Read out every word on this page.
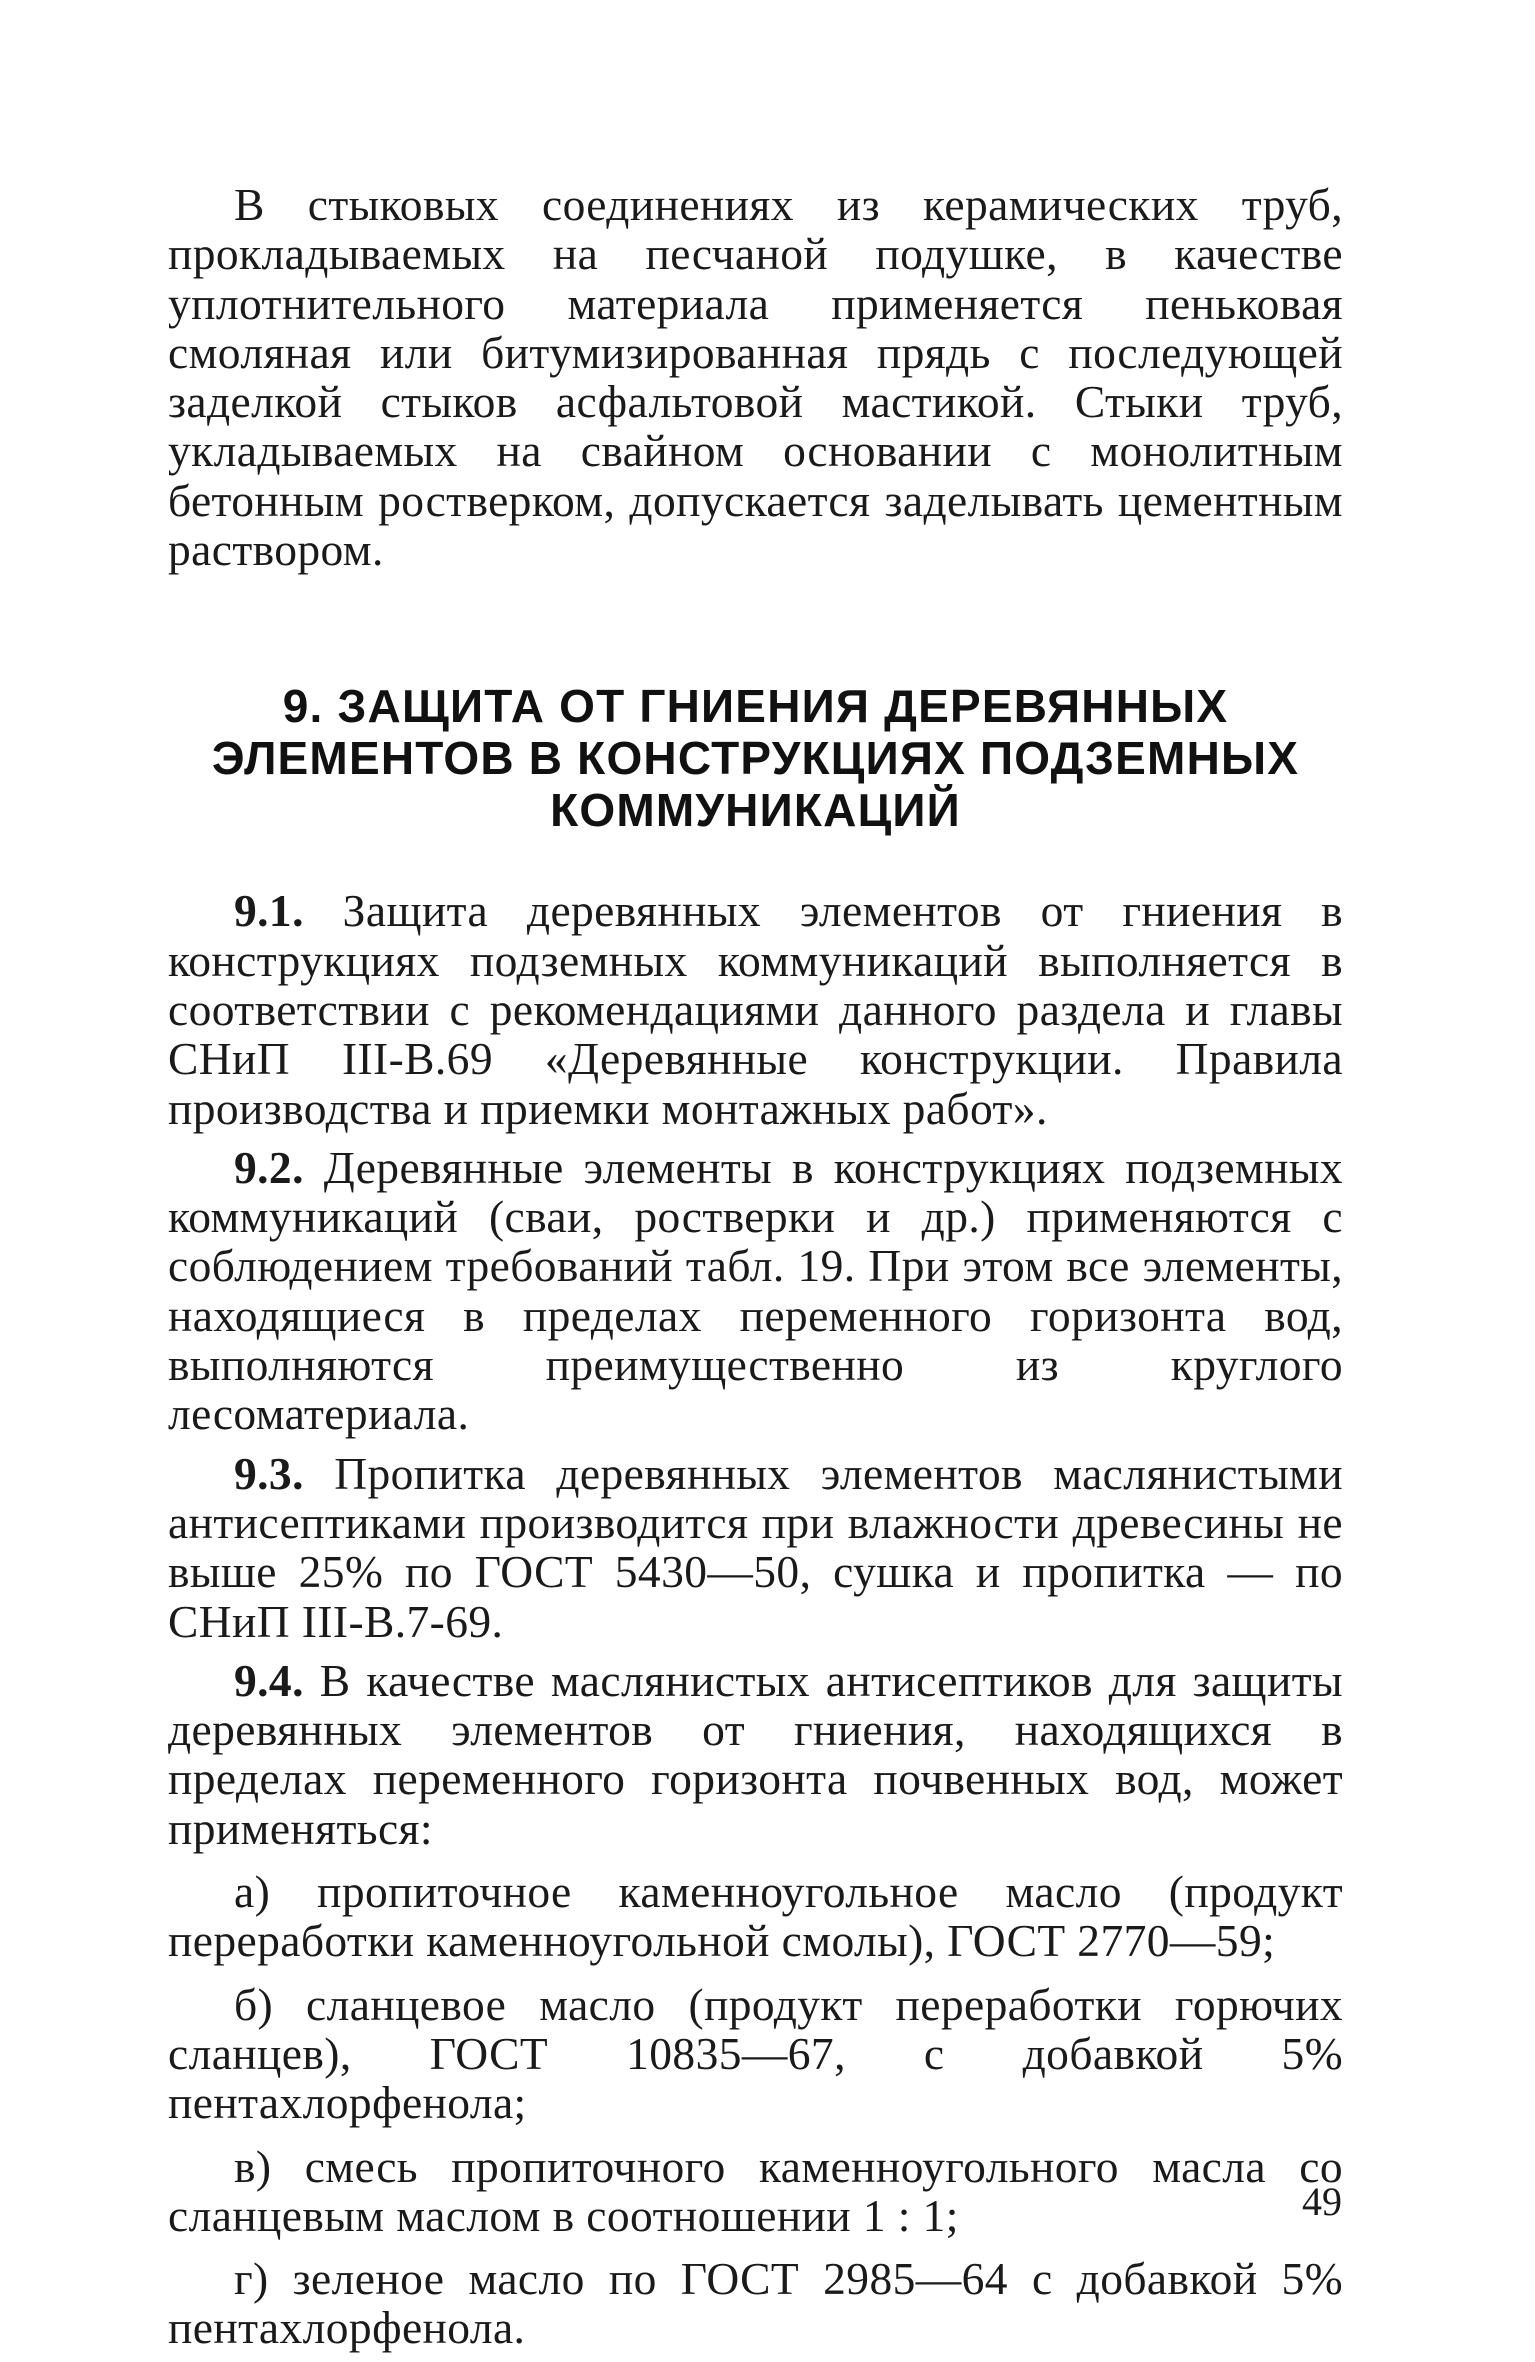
В стыковых соединениях из керамических труб, прокладываемых на песчаной подушке, в качестве уплотнительного материала применяется пеньковая смоляная или битумизированная прядь с последующей заделкой стыков асфальтовой мастикой. Стыки труб, укладываемых на свайном основании с монолитным бетонным ростверком, допускается заделывать цементным раствором.

9. ЗАЩИТА ОТ ГНИЕНИЯ ДЕРЕВЯННЫХ
ЭЛЕМЕНТОВ В КОНСТРУКЦИЯХ ПОДЗЕМНЫХ
КОММУНИКАЦИЙ

9.1. Защита деревянных элементов от гниения в конструкциях подземных коммуникаций выполняется в соответствии с рекомендациями данного раздела и главы СНиП III-В.69 «Деревянные конструкции. Правила производства и приемки монтажных работ».

9.2. Деревянные элементы в конструкциях подземных коммуникаций (сваи, ростверки и др.) применяются с соблюдением требований табл. 19. При этом все элементы, находящиеся в пределах переменного горизонта вод, выполняются преимущественно из круглого лесоматериала.

9.3. Пропитка деревянных элементов маслянистыми антисептиками производится при влажности древесины не выше 25% по ГОСТ 5430—50, сушка и пропитка — по СНиП III-В.7-69.

9.4. В качестве маслянистых антисептиков для защиты деревянных элементов от гниения, находящихся в пределах переменного горизонта почвенных вод, может применяться:

а) пропиточное каменноугольное масло (продукт переработки каменноугольной смолы), ГОСТ 2770—59;

б) сланцевое масло (продукт переработки горючих сланцев), ГОСТ 10835—67, с добавкой 5% пентахлорфенола;

в) смесь пропиточного каменноугольного масла со сланцевым маслом в соотношении 1 : 1;

г) зеленое масло по ГОСТ 2985—64 с добавкой 5% пентахлорфенола.

49
